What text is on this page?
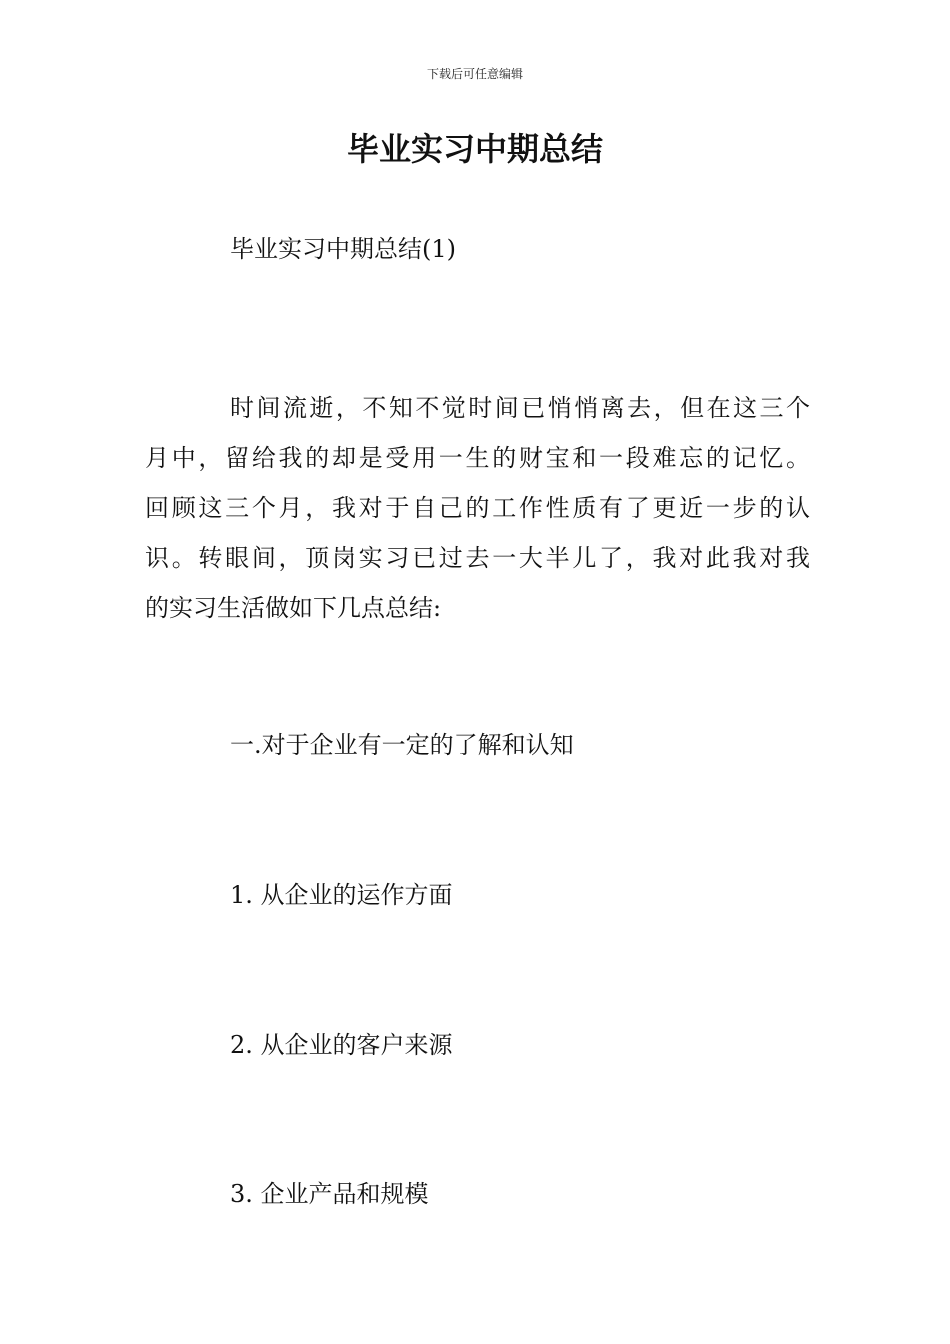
下载后可任意编辑
毕业实习中期总结

毕业实习中期总结(1)

时间流逝，不知不觉时间已悄悄离去，但在这三个
月中，留给我的却是受用一生的财宝和一段难忘的记忆。
回顾这三个月，我对于自己的工作性质有了更近一步的认
识。转眼间，顶岗实习已过去一大半儿了，我对此我对我
的实习生活做如下几点总结:

一.对于企业有一定的了解和认知

1. 从企业的运作方面

2. 从企业的客户来源

3. 企业产品和规模
